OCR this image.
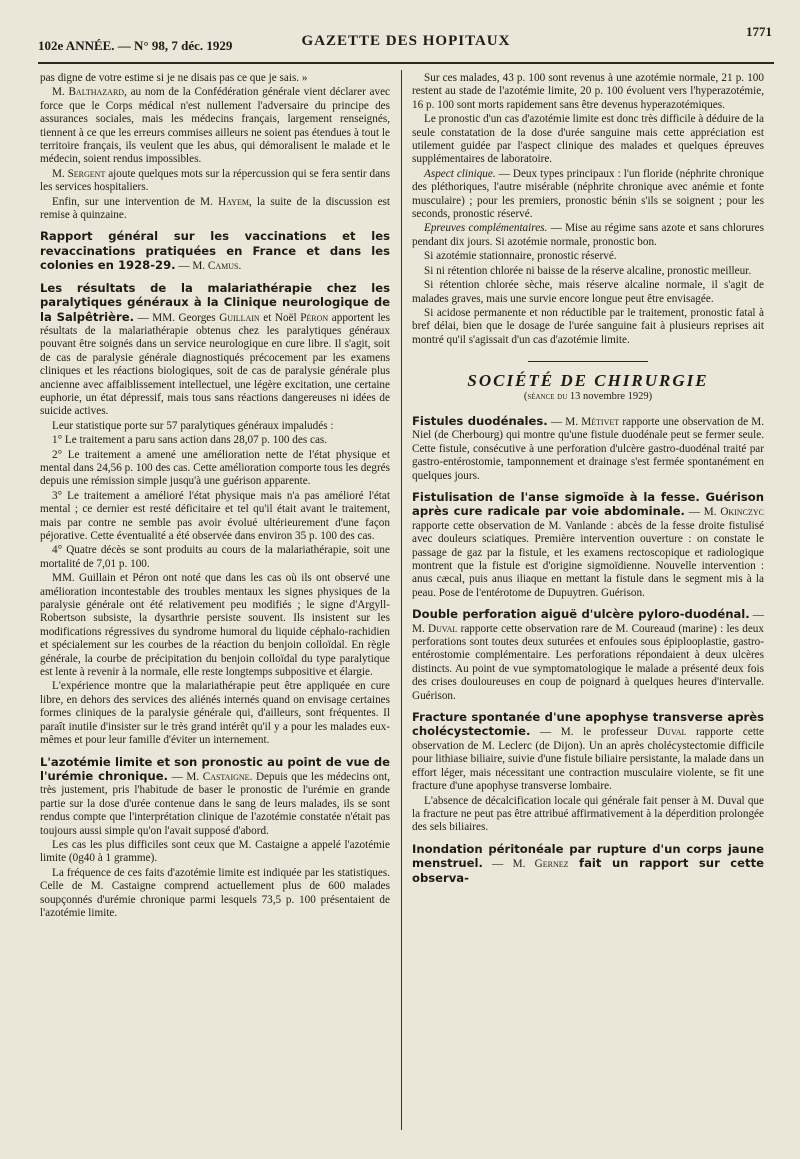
102e ANNÉE. — N° 98, 7 déc. 1929	GAZETTE DES HOPITAUX
1771

pas digne de votre estime si je ne disais pas ce que je sais. »

M. Balthazard, au nom de la Confédération générale vient déclarer avec force que le Corps médical n'est nullement l'adversaire du principe des assurances sociales, mais les médecins français, largement renseignés, tiennent à ce que les erreurs commises ailleurs ne soient pas étendues à tout le territoire français, ils veulent que les abus, qui démoralisent le malade et le médecin, soient rendus impossibles.

M. Sergent ajoute quelques mots sur la répercussion qui se fera sentir dans les services hospitaliers.

Enfin, sur une intervention de M. Hayem, la suite de la discussion est remise à quinzaine.

Rapport général sur les vaccinations et les revaccinations pratiquées en France et dans les colonies en 1928-29. — M. Camus.

Les résultats de la malariathérapie chez les paralytiques généraux à la Clinique neurologique de la Salpêtrière. — MM. Georges Guillain et Noël Péron apportent les résultats de la malariathérapie obtenus chez les paralytiques généraux pouvant être soignés dans un service neurologique en cure libre. Il s'agit, soit de cas de paralysie générale diagnostiqués précocement par les examens cliniques et les réactions biologiques, soit de cas de paralysie générale plus ancienne avec affaiblissement intellectuel, une légère excitation, une certaine euphorie, un état dépressif, mais tous sans réactions dangereuses ni idées de suicide actives.

Leur statistique porte sur 57 paralytiques généraux impaludés :

1° Le traitement a paru sans action dans 28,07 p. 100 des cas.

2° Le traitement a amené une amélioration nette de l'état physique et mental dans 24,56 p. 100 des cas. Cette amélioration comporte tous les degrés depuis une rémission simple jusqu'à une guérison apparente.

3° Le traitement a amélioré l'état physique mais n'a pas amélioré l'état mental ; ce dernier est resté déficitaire et tel qu'il était avant le traitement, mais par contre ne semble pas avoir évolué ultérieurement d'une façon péjorative. Cette éventualité a été observée dans environ 35 p. 100 des cas.

4° Quatre décès se sont produits au cours de la malariathérapie, soit une mortalité de 7,01 p. 100.

MM. Guillain et Péron ont noté que dans les cas où ils ont observé une amélioration incontestable des troubles mentaux les signes physiques de la paralysie générale ont été relativement peu modifiés ; le signe d'Argyll-Robertson subsiste, la dysarthrie persiste souvent. Ils insistent sur les modifications régressives du syndrome humoral du liquide céphalo-rachidien et spécialement sur les courbes de la réaction du benjoin colloïdal. En règle générale, la courbe de précipitation du benjoin colloïdal du type paralytique est lente à revenir à la normale, elle reste longtemps subpositive et élargie.

L'expérience montre que la malariathérapie peut être appliquée en cure libre, en dehors des services des aliénés internés quand on envisage certaines formes cliniques de la paralysie générale qui, d'ailleurs, sont fréquentes. Il paraît inutile d'insister sur le très grand intérêt qu'il y a pour les malades eux-mêmes et pour leur famille d'éviter un internement.

L'azotémie limite et son pronostic au point de vue de l'urémie chronique. — M. Castaigne. Depuis que les médecins ont, très justement, pris l'habitude de baser le pronostic de l'urémie en grande partie sur la dose d'urée contenue dans le sang de leurs malades, ils se sont rendus compte que l'interprétation clinique de l'azotémie constatée n'était pas toujours aussi simple qu'on l'avait supposé d'abord.

Les cas les plus difficiles sont ceux que M. Castaigne a appelé l'azotémie limite (0g40 à 1 gramme).

La fréquence de ces faits d'azotémie limite est indiquée par les statistiques. Celle de M. Castaigne comprend actuellement plus de 600 malades soupçonnés d'urémie chronique parmi lesquels 73,5 p. 100 présentaient de l'azotémie limite.

Sur ces malades, 43 p. 100 sont revenus à une azotémie normale, 21 p. 100 restent au stade de l'azotémie limite, 20 p. 100 évoluent vers l'hyperazotémie, 16 p. 100 sont morts rapidement sans être devenus hyperazotémiques.

Le pronostic d'un cas d'azotémie limite est donc très difficile à déduire de la seule constatation de la dose d'urée sanguine mais cette appréciation est utilement guidée par l'aspect clinique des malades et quelques épreuves supplémentaires de laboratoire.

Aspect clinique. — Deux types principaux : l'un floride (néphrite chronique des pléthoriques, l'autre misérable (néphrite chronique avec anémie et fonte musculaire) ; pour les premiers, pronostic bénin s'ils se soignent ; pour les seconds, pronostic réservé.

Epreuves complémentaires. — Mise au régime sans azote et sans chlorures pendant dix jours. Si azotémie normale, pronostic bon.

Si azotémie stationnaire, pronostic réservé.

Si ni rétention chlorée ni baisse de la réserve alcaline, pronostic meilleur.

Si rétention chlorée sèche, mais réserve alcaline normale, il s'agit de malades graves, mais une survie encore longue peut être envisagée.

Si acidose permanente et non réductible par le traitement, pronostic fatal à bref délai, bien que le dosage de l'urée sanguine fait à plusieurs reprises ait montré qu'il s'agissait d'un cas d'azotémie limite.

SOCIÉTÉ DE CHIRURGIE
(séance du 13 novembre 1929)

Fistules duodénales. — M. Métivet rapporte une observation de M. Niel (de Cherbourg) qui montre qu'une fistule duodénale peut se fermer seule. Cette fistule, consécutive à une perforation d'ulcère gastro-duodénal traité par gastro-entérostomie, tamponnement et drainage s'est fermée spontanément en quelques jours.

Fistulisation de l'anse sigmoïde à la fesse. Guérison après cure radicale par voie abdominale. — M. Okinczyc rapporte cette observation de M. Vanlande : abcès de la fesse droite fistulisé avec douleurs sciatiques. Première intervention ouverture : on constate le passage de gaz par la fistule, et les examens rectoscopique et radiologique montrent que la fistule est d'origine sigmoïdienne. Nouvelle intervention : anus cæcal, puis anus iliaque en mettant la fistule dans le segment mis à la peau. Pose de l'entérotome de Dupuytren. Guérison.

Double perforation aiguë d'ulcère pyloro-duodénal. — M. Duval rapporte cette observation rare de M. Coureaud (marine) : les deux perforations sont toutes deux suturées et enfouies sous épiplooplastie, gastro-entérostomie complémentaire. Les perforations répondaient à deux ulcères distincts. Au point de vue symptomatologique le malade a présenté deux fois des crises douloureuses en coup de poignard à quelques heures d'intervalle. Guérison.

Fracture spontanée d'une apophyse transverse après cholécystectomie. — M. le professeur Duval rapporte cette observation de M. Leclerc (de Dijon). Un an après cholécystectomie difficile pour lithiase biliaire, suivie d'une fistule biliaire persistante, la malade dans un effort léger, mais nécessitant une contraction musculaire violente, se fit une fracture d'une apophyse transverse lombaire.

L'absence de décalcification locale qui générale fait penser à M. Duval que la fracture ne peut pas être attribué affirmativement à la déperdition prolongée des sels biliaires.

Inondation péritonéale par rupture d'un corps jaune menstruel. — M. Gernez fait un rapport sur cette observa-
